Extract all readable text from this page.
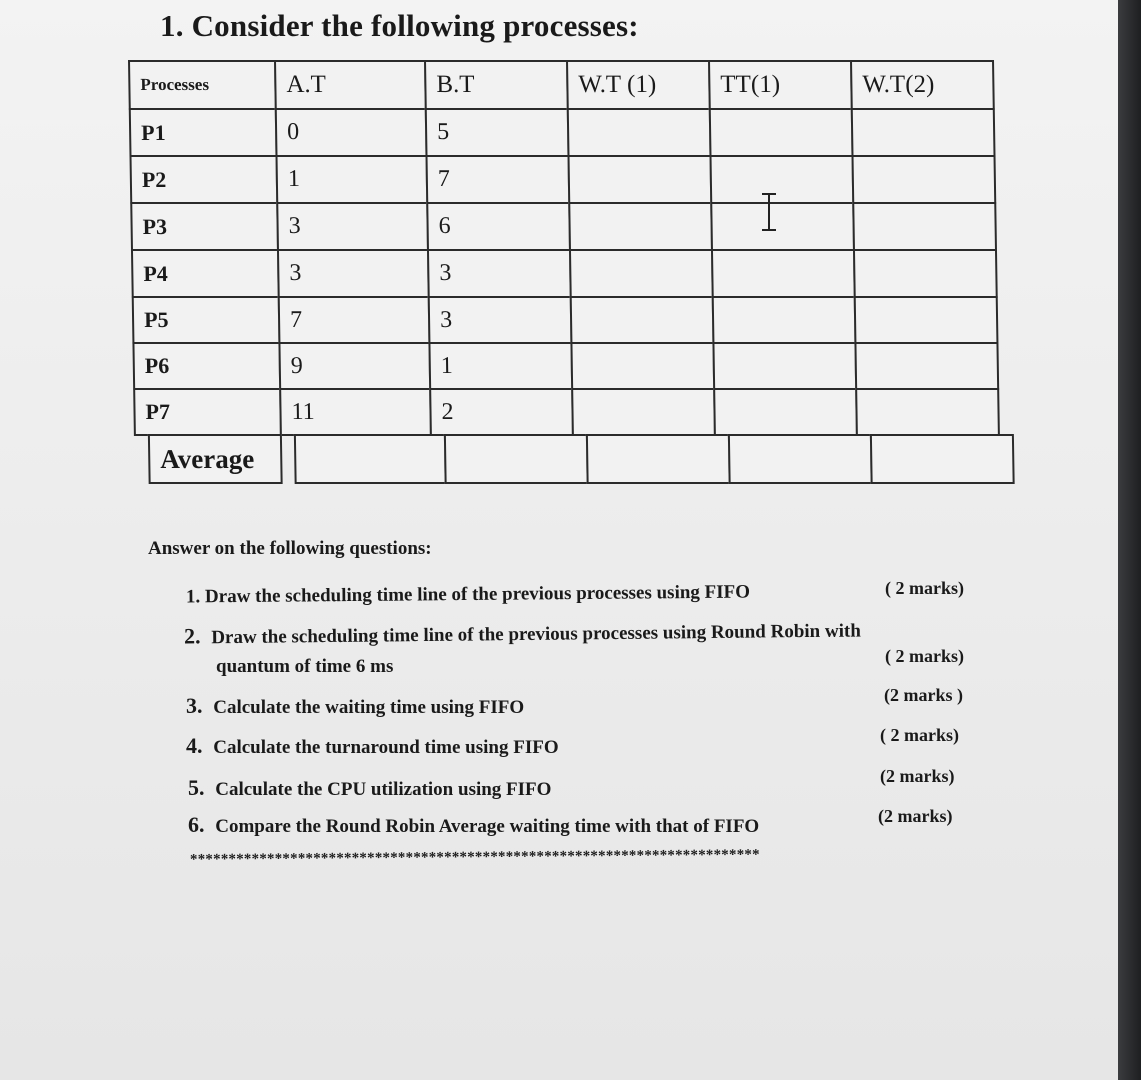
1. Consider the following processes:
Processes	A.T	B.T	W.T (1)	TT(1)	W.T(2)
P1	0	5
P2	1	7
P3	3	6
P4	3	3
P5	7	3
P6	9	1
P7	11	2
Average
Answer on the following questions:
1. Draw the scheduling time line of the previous processes using FIFO	( 2 marks)
2. Draw the scheduling time line of the previous processes using Round Robin with
quantum of time 6 ms	( 2 marks)
3. Calculate the waiting time using FIFO
(2 marks )
4. Calculate the turnaround time using FIFO
( 2 marks)
5. Calculate the CPU utilization using FIFO
(2 marks)
6. Compare the Round Robin Average waiting time with that of FIFO	(2 marks)
**************************************************************************
